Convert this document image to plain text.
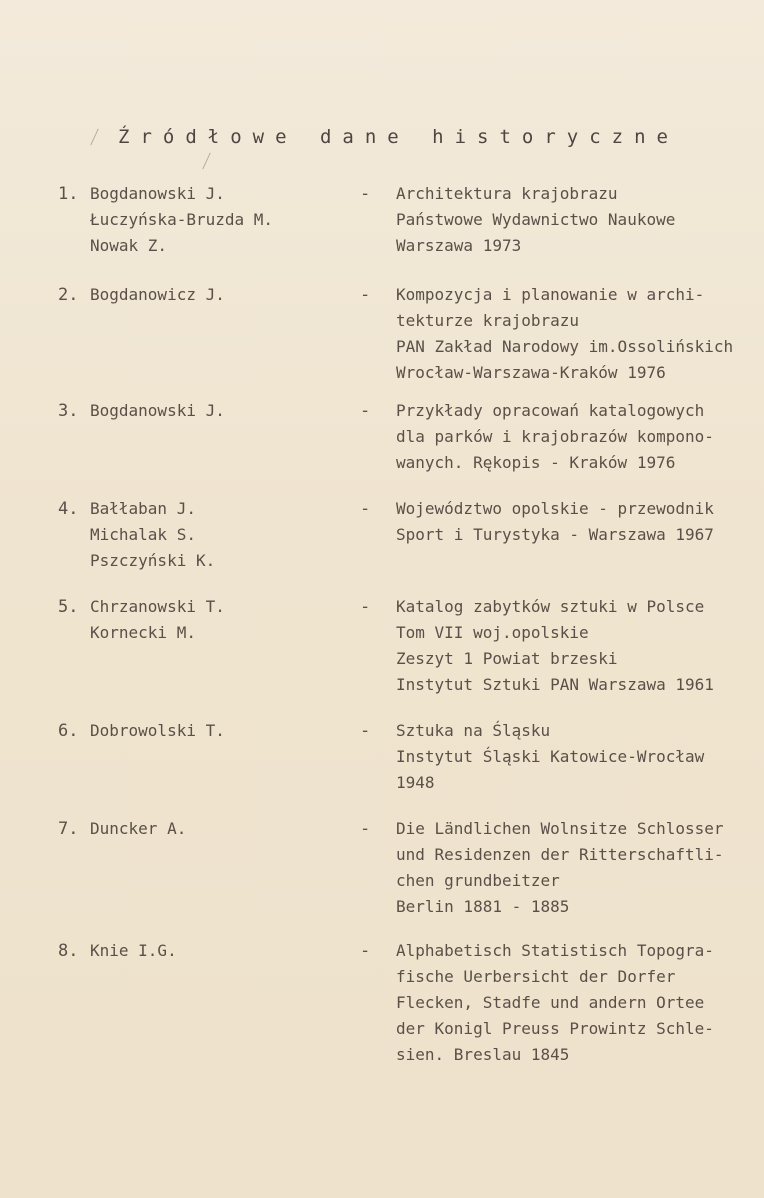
Źródłowe dane historyczne
1. Bogdanowski J.
Łuczyńska-Bruzda M.
Nowak Z.
- Architektura krajobrazu
Państwowe Wydawnictwo Naukowe
Warszawa 1973
2. Bogdanowicz J.	- Kompozycja i planowanie w archi-
tekturze krajobrazu
PAN Zakład Narodowy im.Ossolińskich
Wrocław-Warszawa-Kraków 1976
3. Bogdanowski J.	- Przykłady opracowań katalogowych
dla parków i krajobrazów kompono-
wanych. Rękopis - Kraków 1976
4. Bałłaban J.
Michalak S.
Pszczyński K.
- Województwo opolskie - przewodnik
Sport i Turystyka - Warszawa 1967
5. Chrzanowski T.
Kornecki M.
- Katalog zabytków sztuki w Polsce
Tom VII woj.opolskie
Zeszyt 1 Powiat brzeski
Instytut Sztuki PAN Warszawa 1961
6. Dobrowolski T.	- Sztuka na Śląsku
Instytut Śląski Katowice-Wrocław
1948
7. Duncker A.	- Die Ländlichen Wolnsitze Schlosser
und Residenzen der Ritterschaftli-
chen grundbeitzer
Berlin 1881 - 1885
8. Knie I.G.	- Alphabetisch Statistisch Topogra-
fische Uerbersicht der Dorfer
Flecken, Stadfe und andern Ortee
der Konigl Preuss Prowintz Schle-
sien. Breslau 1845
